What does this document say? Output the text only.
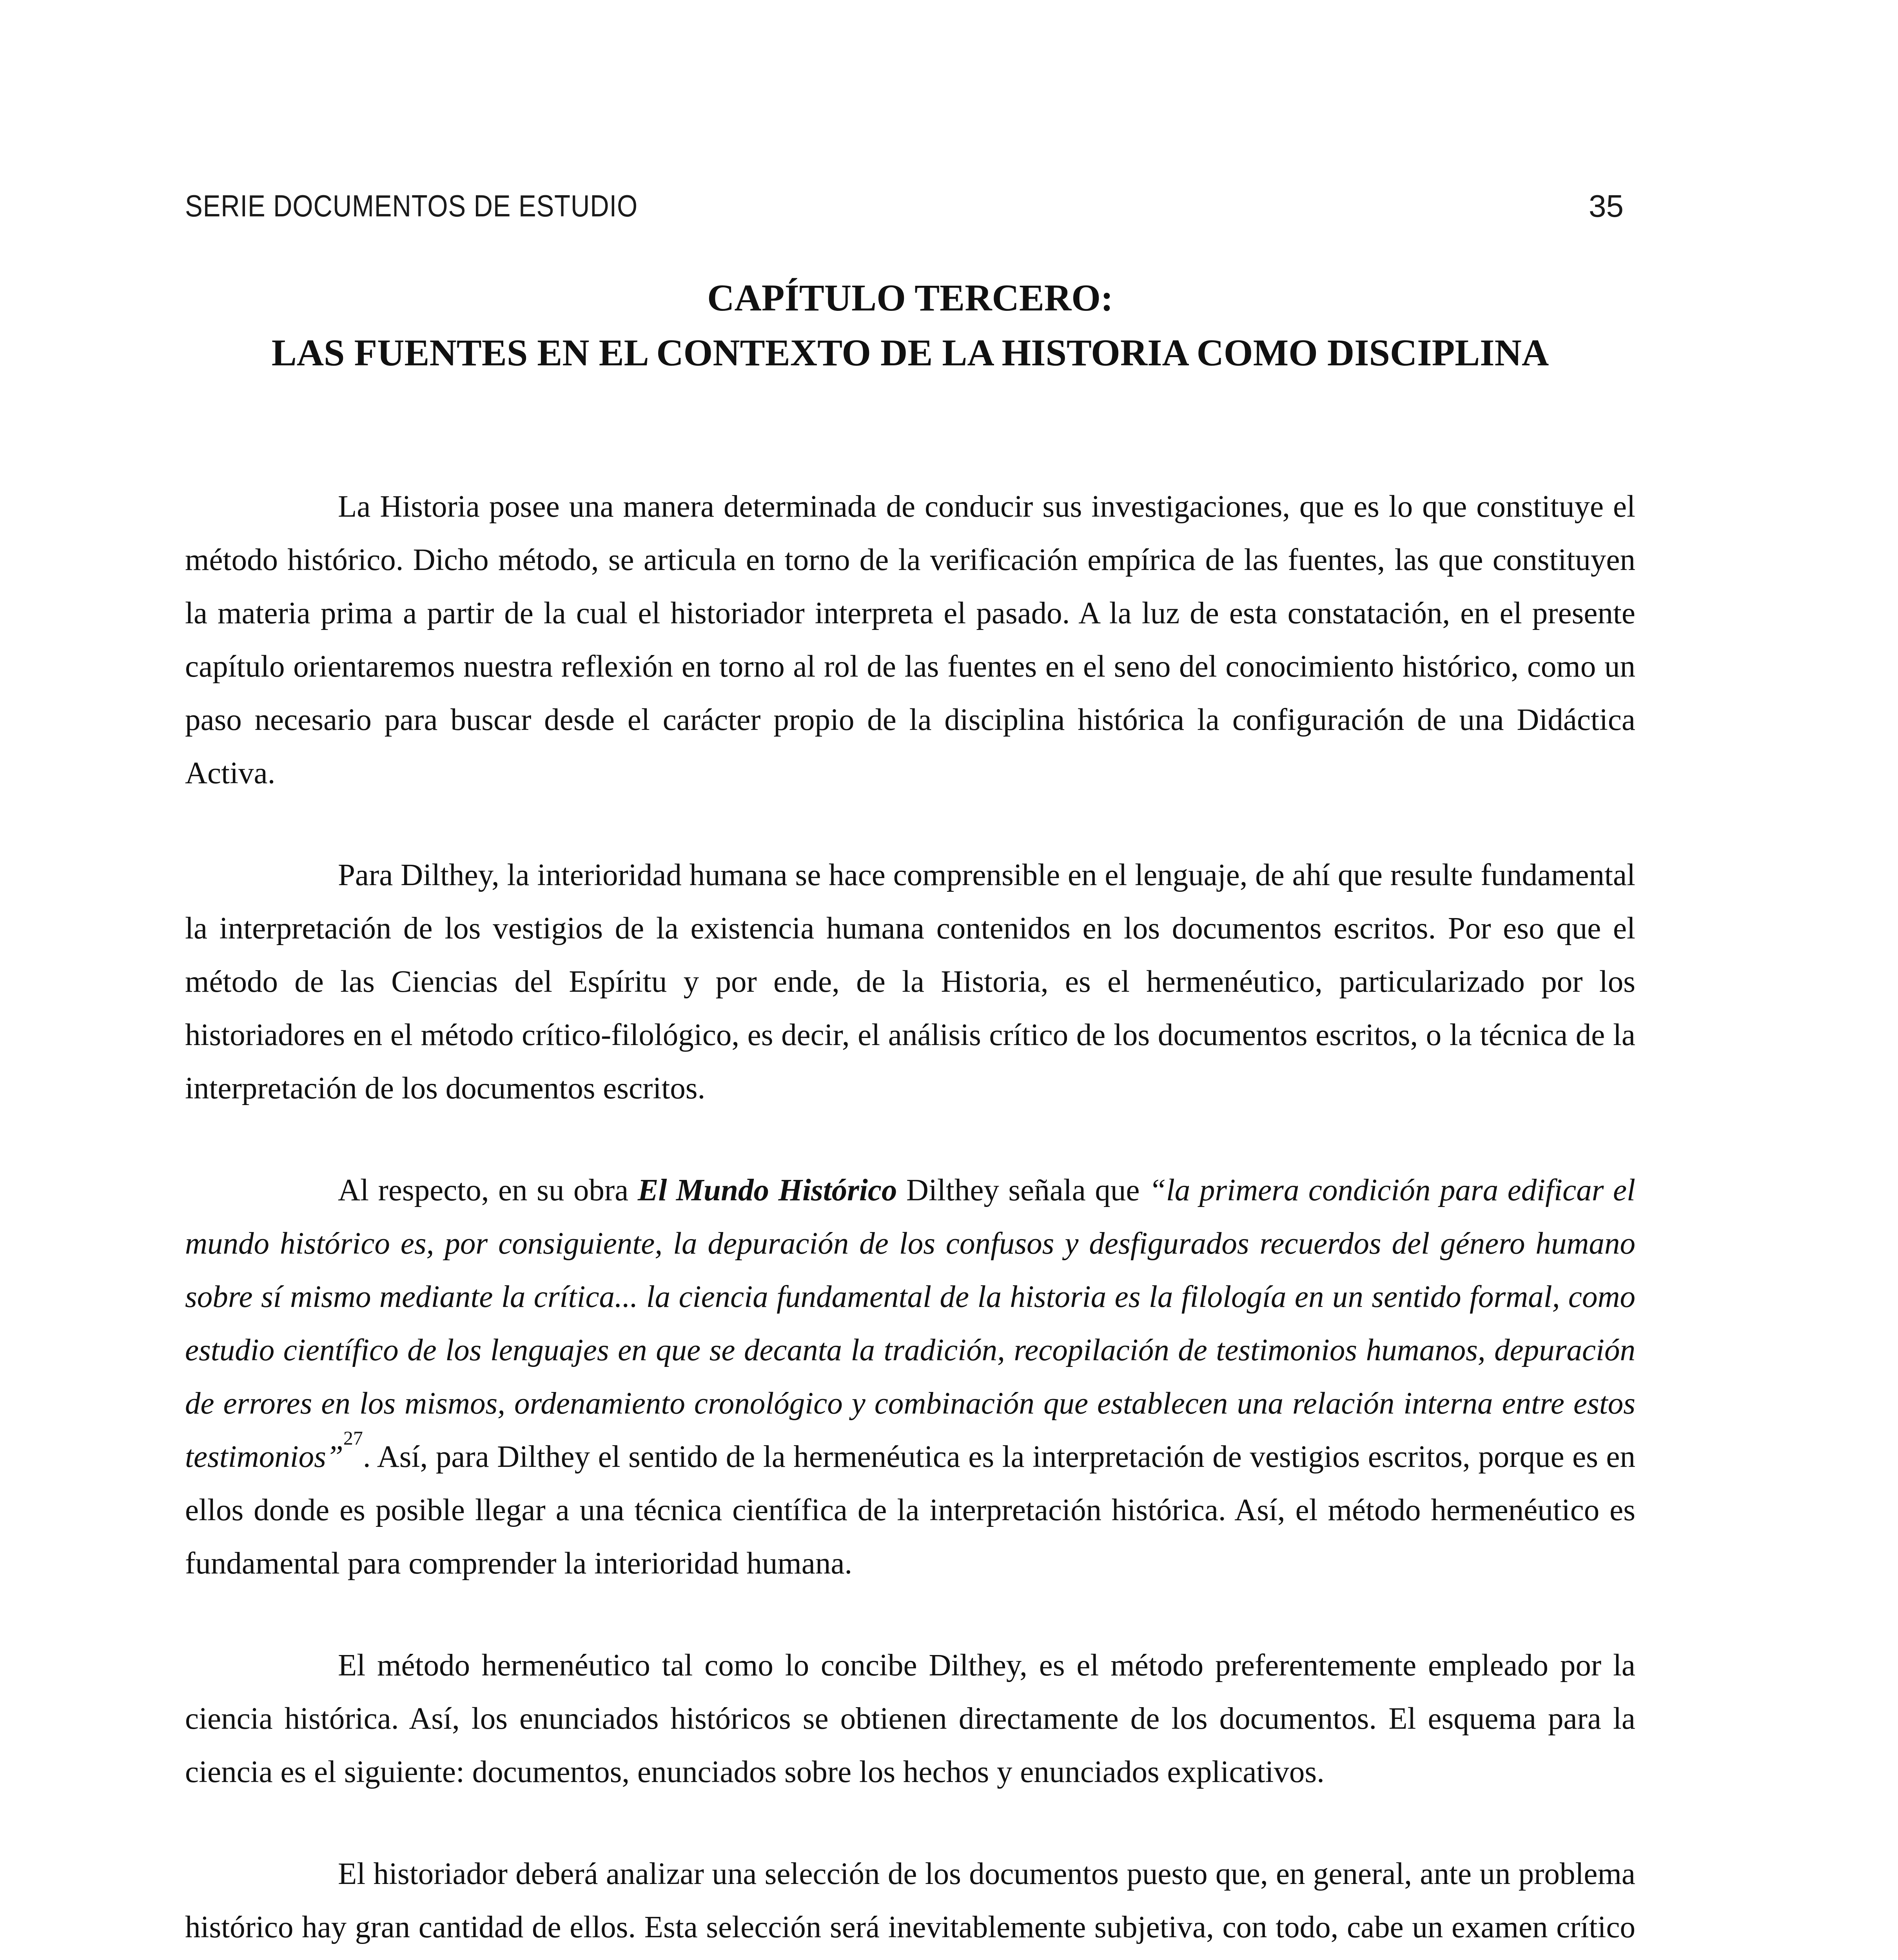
SERIE DOCUMENTOS DE ESTUDIO	35
CAPÍTULO TERCERO:
LAS FUENTES EN EL CONTEXTO DE LA HISTORIA COMO DISCIPLINA

La Historia posee una manera determinada de conducir sus investigaciones, que es lo que constituye el método histórico. Dicho método, se articula en torno de la verificación empírica de las fuentes, las que constituyen la materia prima a partir de la cual el historiador interpreta el pasado. A la luz de esta constatación, en el presente capítulo orientaremos nuestra reflexión en torno al rol de las fuentes en el seno del conocimiento histórico, como un paso necesario para buscar desde el carácter propio de la disciplina histórica la configuración de una Didáctica Activa.

Para Dilthey, la interioridad humana se hace comprensible en el lenguaje, de ahí que resulte fundamental la interpretación de los vestigios de la existencia humana contenidos en los documentos escritos. Por eso que el método de las Ciencias del Espíritu y por ende, de la Historia, es el hermenéutico, particularizado por los historiadores en el método crítico-filológico, es decir, el análisis crítico de los documentos escritos, o la técnica de la interpretación de los documentos escritos.

Al respecto, en su obra El Mundo Histórico Dilthey señala que “la primera condición para edificar el mundo histórico es, por consiguiente, la depuración de los confusos y desfigurados recuerdos del género humano sobre sí mismo mediante la crítica... la ciencia fundamental de la historia es la filología en un sentido formal, como estudio científico de los lenguajes en que se decanta la tradición, recopilación de testimonios humanos, depuración de errores en los mismos, ordenamiento cronológico y combinación que establecen una relación interna entre estos testimonios”$^{27}$. Así, para Dilthey el sentido de la hermenéutica es la interpretación de vestigios escritos, porque es en ellos donde es posible llegar a una técnica científica de la interpretación histórica. Así, el método hermenéutico es fundamental para comprender la interioridad humana.

El método hermenéutico tal como lo concibe Dilthey, es el método preferentemente empleado por la ciencia histórica. Así, los enunciados históricos se obtienen directamente de los documentos. El esquema para la ciencia es el siguiente: documentos, enunciados sobre los hechos y enunciados explicativos.

El historiador deberá analizar una selección de los documentos puesto que, en general, ante un problema histórico hay gran cantidad de ellos. Esta selección será inevitablemente subjetiva, con todo, cabe un examen crítico
